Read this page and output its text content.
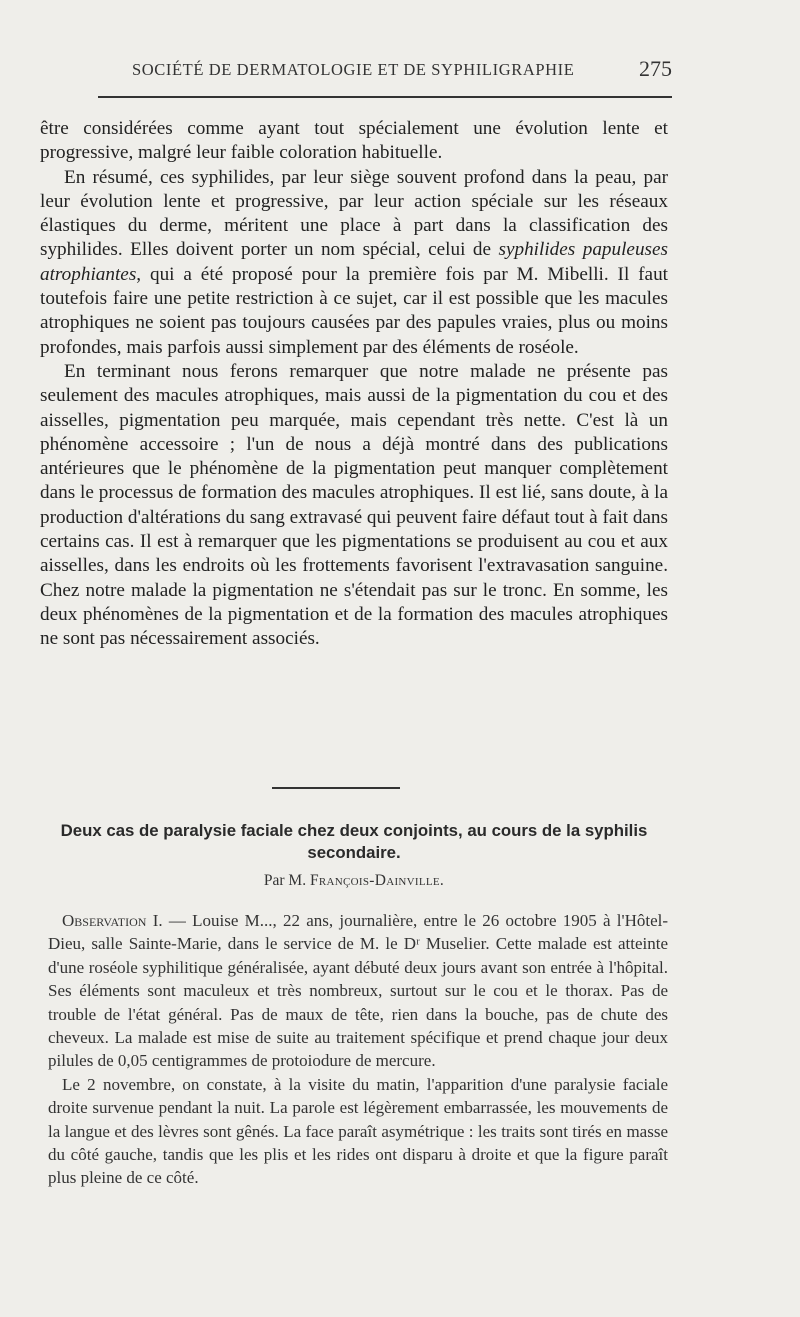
SOCIÉTÉ DE DERMATOLOGIE ET DE SYPHILIGRAPHIE	275

être considérées comme ayant tout spécialement une évolution lente et progressive, malgré leur faible coloration habituelle.

En résumé, ces syphilides, par leur siège souvent profond dans la peau, par leur évolution lente et progressive, par leur action spéciale sur les réseaux élastiques du derme, méritent une place à part dans la classification des syphilides. Elles doivent porter un nom spécial, celui de syphilides papuleuses atrophiantes, qui a été proposé pour la première fois par M. Mibelli. Il faut toutefois faire une petite restriction à ce sujet, car il est possible que les macules atrophiques ne soient pas toujours causées par des papules vraies, plus ou moins profondes, mais parfois aussi simplement par des éléments de roséole.

En terminant nous ferons remarquer que notre malade ne présente pas seulement des macules atrophiques, mais aussi de la pigmentation du cou et des aisselles, pigmentation peu marquée, mais cependant très nette. C'est là un phénomène accessoire ; l'un de nous a déjà montré dans des publications antérieures que le phénomène de la pigmentation peut manquer complètement dans le processus de formation des macules atrophiques. Il est lié, sans doute, à la production d'altérations du sang extravasé qui peuvent faire défaut tout à fait dans certains cas. Il est à remarquer que les pigmentations se produisent au cou et aux aisselles, dans les endroits où les frottements favorisent l'extravasation sanguine. Chez notre malade la pigmentation ne s'étendait pas sur le tronc. En somme, les deux phénomènes de la pigmentation et de la formation des macules atrophiques ne sont pas nécessairement associés.

Deux cas de paralysie faciale chez deux conjoints, au cours de la syphilis secondaire.
Par M. François-Dainville.

Observation I. — Louise M..., 22 ans, journalière, entre le 26 octobre 1905 à l'Hôtel-Dieu, salle Sainte-Marie, dans le service de M. le Dʳ Muselier. Cette malade est atteinte d'une roséole syphilitique généralisée, ayant débuté deux jours avant son entrée à l'hôpital. Ses éléments sont maculeux et très nombreux, surtout sur le cou et le thorax. Pas de trouble de l'état général. Pas de maux de tête, rien dans la bouche, pas de chute des cheveux. La malade est mise de suite au traitement spécifique et prend chaque jour deux pilules de 0,05 centigrammes de protoiodure de mercure.

Le 2 novembre, on constate, à la visite du matin, l'apparition d'une paralysie faciale droite survenue pendant la nuit. La parole est légèrement embarrassée, les mouvements de la langue et des lèvres sont gênés. La face paraît asymétrique : les traits sont tirés en masse du côté gauche, tandis que les plis et les rides ont disparu à droite et que la figure paraît plus pleine de ce côté.
